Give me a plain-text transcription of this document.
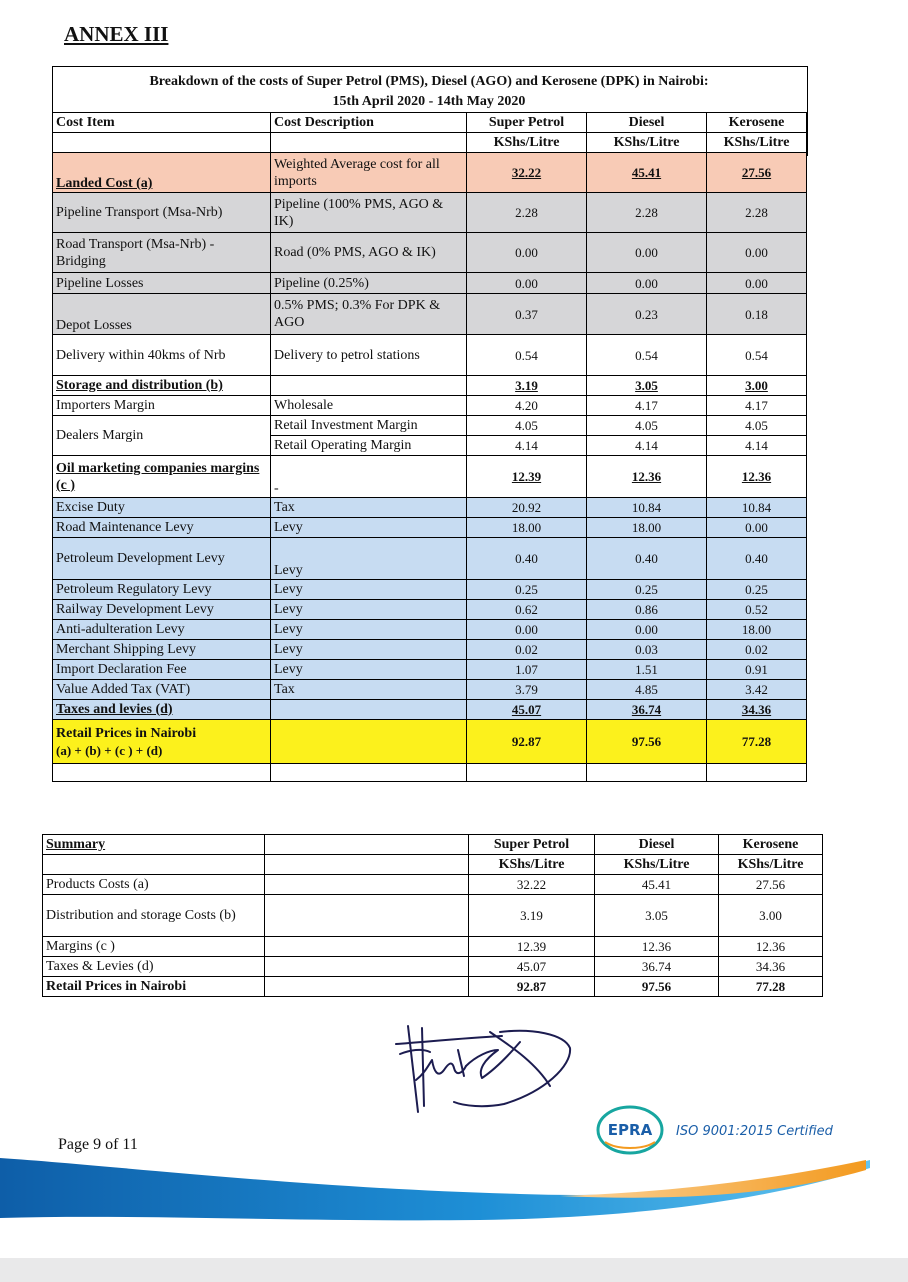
ANNEX III
Breakdown of the costs of Super Petrol (PMS), Diesel (AGO) and Kerosene (DPK) in Nairobi:
15th April 2020 - 14th May 2020
Cost Item	Cost Description	Super Petrol	Diesel	Kerosene
		KShs/Litre	KShs/Litre	KShs/Litre
Landed Cost (a)	Weighted Average cost for all imports	32.22	45.41	27.56
Pipeline Transport (Msa-Nrb)	Pipeline (100% PMS, AGO & IK)	2.28	2.28	2.28
Road Transport (Msa-Nrb) - Bridging	Road (0% PMS, AGO & IK)	0.00	0.00	0.00
Pipeline Losses	Pipeline (0.25%)	0.00	0.00	0.00
Depot Losses	0.5% PMS; 0.3% For DPK & AGO	0.37	0.23	0.18
Delivery within 40kms of Nrb	Delivery to petrol stations	0.54	0.54	0.54
Storage and distribution (b)		3.19	3.05	3.00
Importers Margin	Wholesale	4.20	4.17	4.17
Dealers Margin	Retail Investment Margin	4.05	4.05	4.05
	Retail Operating Margin	4.14	4.14	4.14
Oil marketing companies margins (c )	-	12.39	12.36	12.36
Excise Duty	Tax	20.92	10.84	10.84
Road Maintenance Levy	Levy	18.00	18.00	0.00
Petroleum Development Levy	Levy	0.40	0.40	0.40
Petroleum Regulatory Levy	Levy	0.25	0.25	0.25
Railway Development Levy	Levy	0.62	0.86	0.52
Anti-adulteration Levy	Levy	0.00	0.00	18.00
Merchant Shipping Levy	Levy	0.02	0.03	0.02
Import Declaration Fee	Levy	1.07	1.51	0.91
Value Added Tax (VAT)	Tax	3.79	4.85	3.42
Taxes and levies (d)		45.07	36.74	34.36

Retail Prices in Nairobi
(a) + (b) + (c ) + (d)		92.87	97.56	77.28

Summary		Super Petrol	Diesel	Kerosene
		KShs/Litre	KShs/Litre	KShs/Litre
Products Costs (a)		32.22	45.41	27.56
Distribution and storage Costs (b)		3.19	3.05	3.00
Margins (c )		12.39	12.36	12.36
Taxes & Levies (d)		45.07	36.74	34.36
Retail Prices in Nairobi		92.87	97.56	77.28
EPRA ISO 9001:2015 Certified
Page 9 of 11
